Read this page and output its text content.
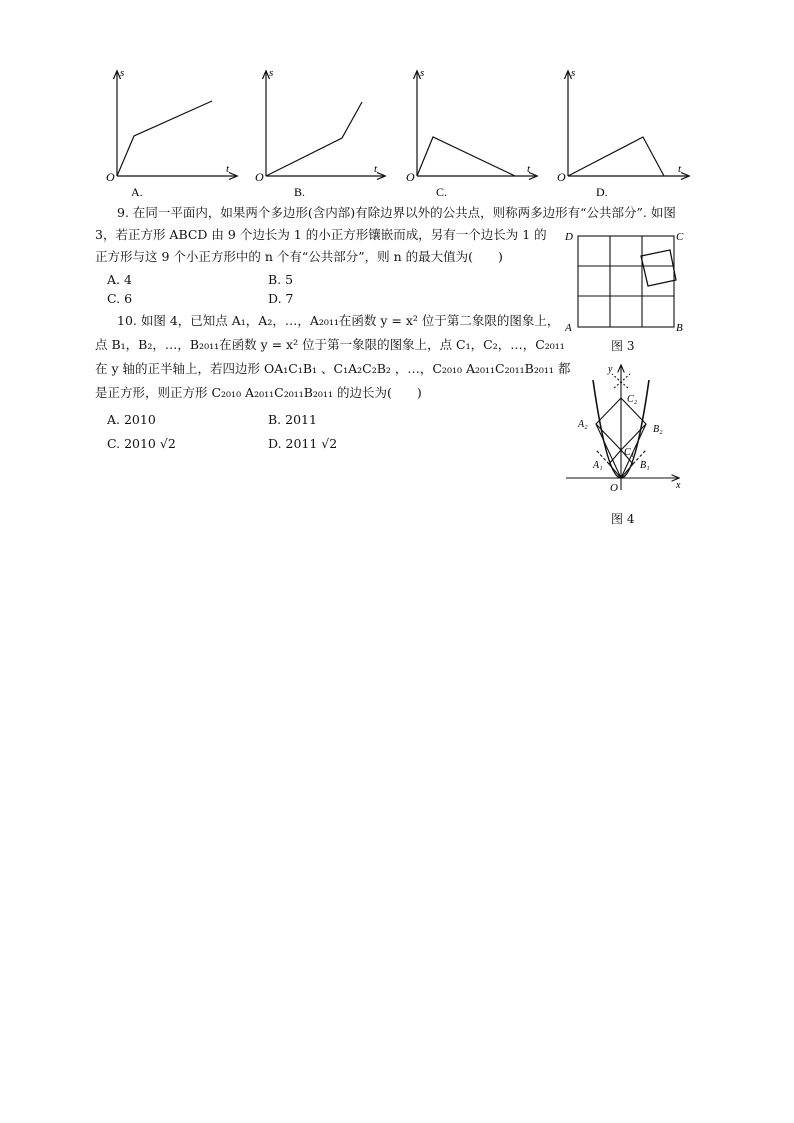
s
t
O
A.
s
t
O
B.
s
t
O
C.
s
t
O
D.
9. 在同一平面内，如果两个多边形(含内部)有除边界以外的公共点，则称两多边形有“公共部分”. 如图
3，若正方形 ABCD 由 9 个边长为 1 的小正方形镶嵌而成，另有一个边长为 1 的
正方形与这 9 个小正方形中的 n 个有“公共部分”，则 n 的最大值为(　　)
A. 4	B. 5
C. 6	D. 7
D	C
A	B
图 3
10. 如图 4，已知点 A₁，A₂，…，A₂₀₁₁在函数 y = x² 位于第二象限的图象上，
点 B₁，B₂，…，B₂₀₁₁在函数 y = x² 位于第一象限的图象上，点 C₁，C₂，…，C₂₀₁₁
在 y 轴的正半轴上，若四边形 OA₁C₁B₁ 、C₁A₂C₂B₂ ，…，C₂₀₁₀ A₂₀₁₁C₂₀₁₁B₂₀₁₁ 都
是正方形，则正方形 C₂₀₁₀ A₂₀₁₁C₂₀₁₁B₂₀₁₁ 的边长为(　　)
A. 2010	B. 2011
C. 2010 √2	D. 2011 √2
y
x
O
A₁
A₂
B₁
B₂
C₁
C₂
图 4
